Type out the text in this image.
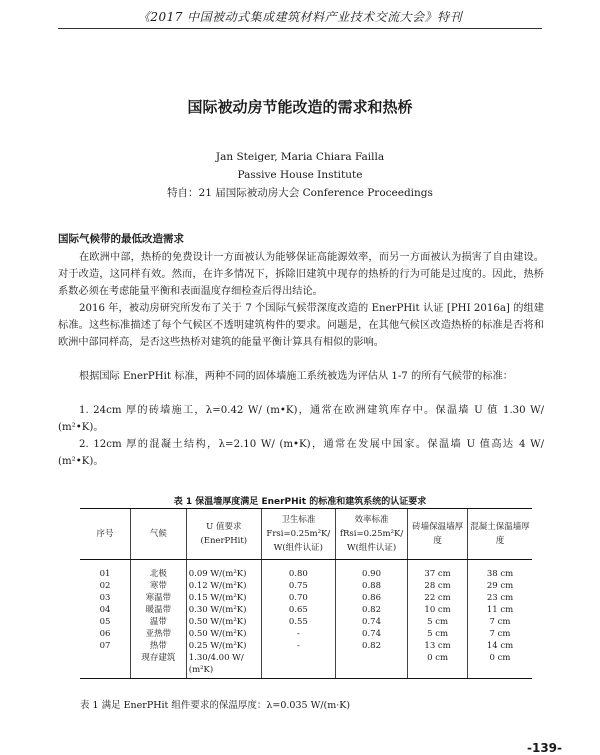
《2017 中国被动式集成建筑材料产业技术交流大会》特刊
国际被动房节能改造的需求和热桥
Jan Steiger, Maria Chiara Failla
Passive House Institute
特自：21 届国际被动房大会 Conference Proceedings
国际气候带的最低改造需求

在欧洲中部，热桥的免费设计一方面被认为能够保证高能源效率，而另一方面被认为损害了自由建设。对于改造，这同样有效。然而，在许多情况下，拆除旧建筑中现存的热桥的行为可能是过度的。因此，热桥系数必须在考虑能量平衡和表面温度存细检查后得出结论。

2016 年，被动房研究所发布了关于 7 个国际气候带深度改造的 EnerPHit 认证 [PHI 2016a] 的组建标准。这些标准描述了每个气候区不透明建筑构件的要求。问题是，在其他气候区改造热桥的标准是否将和欧洲中部同样高，是否这些热桥对建筑的能量平衡计算具有相似的影响。

根据国际 EnerPHit 标准，两种不同的固体墙施工系统被选为评估从 1-7 的所有气候带的标准：

1. 24cm 厚的砖墙施工，λ=0.42 W/ (m•K)，通常在欧洲建筑库存中。保温墙 U 值 1.30 W/ (m²•K)。

2. 12cm 厚的混凝土结构，λ=2.10 W/ (m•K)，通常在发展中国家。保温墙 U 值高达 4 W/ (m²•K)。

表 1 保温墙厚度满足 EnerPHit 的标准和建筑系统的认证要求
序号	气候	U 值要求 (EnerPHit)	卫生标准 Frsi=0.25m²K/ W(组件认证)	效率标准 fRsi=0.25m²K/ W(组件认证)	砖墙保温墙厚度	混凝土保温墙厚度
01	北极	0.09 W/(m²K)	0.80	0.90	37 cm	38 cm
02	寒带	0.12 W/(m²K)	0.75	0.88	28 cm	29 cm
03	寒温带	0.15 W/(m²K)	0.70	0.86	22 cm	23 cm
04	暖温带	0.30 W/(m²K)	0.65	0.82	10 cm	11 cm
05	温带	0.50 W/(m²K)	0.55	0.74	5 cm	7 cm
06	亚热带	0.50 W/(m²K)	-	0.74	5 cm	7 cm
07	热带	0.25 W/(m²K)	-	0.82	13 cm	14 cm
	现存建筑	1.30/4.00 W/ (m²K)			0 cm	0 cm
表 1 满足 EnerPHit 组件要求的保温厚度：λ=0.035 W/(m·K)
-139-
